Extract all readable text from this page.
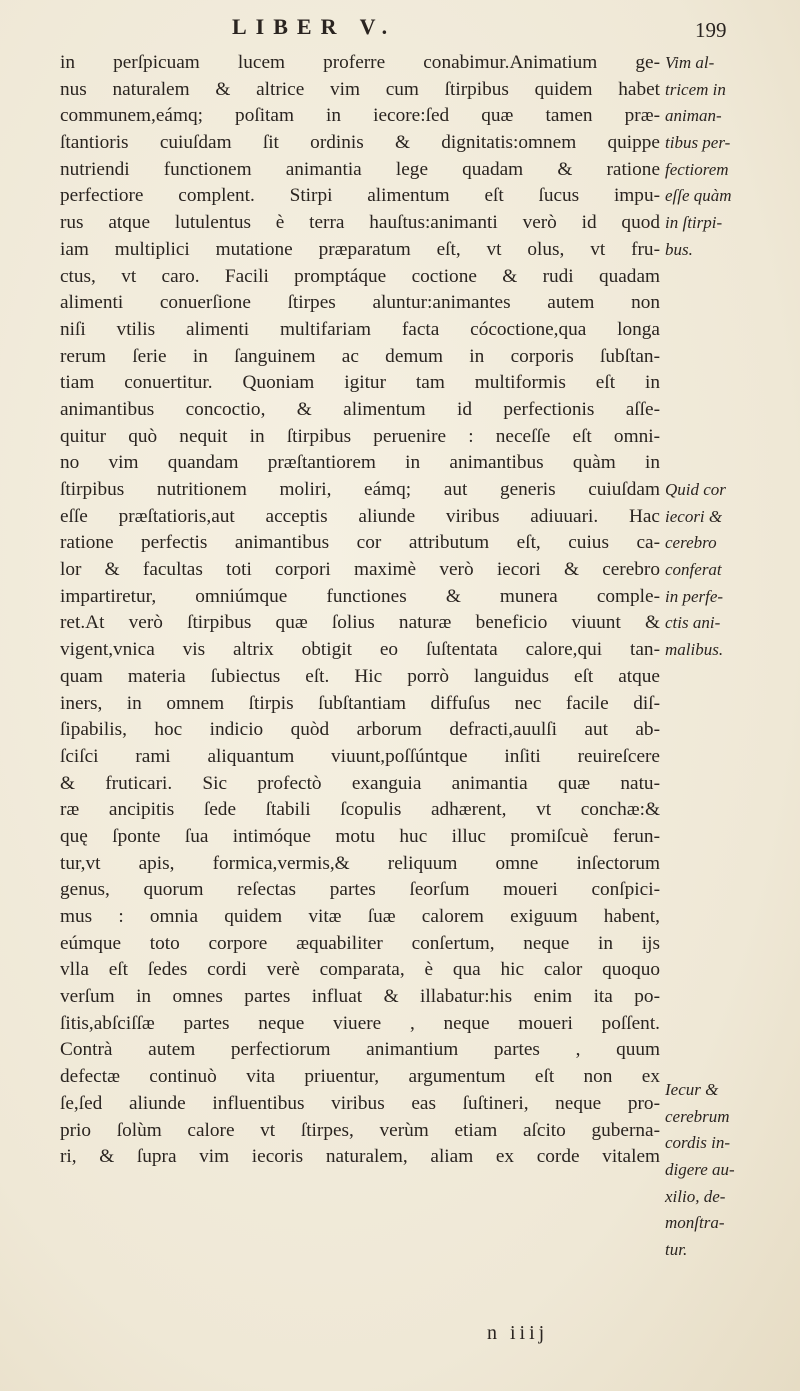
LIBER V.	199
in perſpicuam lucem proferre conabimur.Animatium ge-
nus naturalem & altrice vim cum ſtirpibus quidem habet
communem,eámq; poſitam in iecore:ſed quæ tamen præ-
ſtantioris cuiuſdam ſit ordinis & dignitatis:omnem quippe
nutriendi functionem animantia lege quadam & ratione
perfectiore complent. Stirpi alimentum eſt ſucus impu-
rus atque lutulentus è terra hauſtus:animanti verò id quod
iam multiplici mutatione præparatum eſt, vt olus, vt fru-
ctus, vt caro. Facili promptáque coctione & rudi quadam
alimenti conuerſione ſtirpes aluntur:animantes autem non
niſi vtilis alimenti multifariam facta cócoctione,qua longa
rerum ſerie in ſanguinem ac demum in corporis ſubſtan-
tiam conuertitur. Quoniam igitur tam multiformis eſt in
animantibus concoctio, & alimentum id perfectionis aſſe-
quitur quò nequit in ſtirpibus peruenire : neceſſe eſt omni-
no vim quandam præſtantiorem in animantibus quàm in
ſtirpibus nutritionem moliri, eámq; aut generis cuiuſdam
eſſe præſtatioris,aut acceptis aliunde viribus adiuuari. Hac
ratione perfectis animantibus cor attributum eſt, cuius ca-
lor & facultas toti corpori maximè verò iecori & cerebro
impartiretur, omniúmque functiones & munera comple-
ret.At verò ſtirpibus quæ ſolius naturæ beneficio viuunt &
vigent,vnica vis altrix obtigit eo ſuſtentata calore,qui tan-
quam materia ſubiectus eſt. Hic porrò languidus eſt atque
iners, in omnem ſtirpis ſubſtantiam diffuſus nec facile diſ-
ſipabilis, hoc indicio quòd arborum defracti,auulſi aut ab-
ſciſci rami aliquantum viuunt,poſſúntque inſiti reuireſcere
& fruticari. Sic profectò exanguia animantia quæ natu-
ræ ancipitis ſede ſtabili ſcopulis adhærent, vt conchæ:&
quę ſponte ſua intimóque motu huc illuc promiſcuè ferun-
tur,vt apis, formica,vermis,& reliquum omne inſectorum
genus, quorum reſectas partes ſeorſum moueri conſpici-
mus : omnia quidem vitæ ſuæ calorem exiguum habent,
eúmque toto corpore æquabiliter conſertum, neque in ijs
vlla eſt ſedes cordi verè comparata, è qua hic calor quoquo
verſum in omnes partes influat & illabatur:his enim ita po-
ſitis,abſciſſæ partes neque viuere , neque moueri poſſent.
Contrà autem perfectiorum animantium partes , quum
defectæ continuò vita priuentur, argumentum eſt non ex
ſe,ſed aliunde influentibus viribus eas ſuſtineri, neque pro-
prio ſolùm calore vt ſtirpes, verùm etiam aſcito guberna-
ri, & ſupra vim iecoris naturalem, aliam ex corde vitalem
Vim al-
tricem in
animan-
tibus per-
fectiorem
eſſe quàm
in ſtirpi-
bus.
Quid cor
iecori &
cerebro
conferat
in perfe-
ctis ani-
malibus.
Iecur &
cerebrum
cordis in-
digere au-
xilio, de-
monſtra-
tur.
n iiij
